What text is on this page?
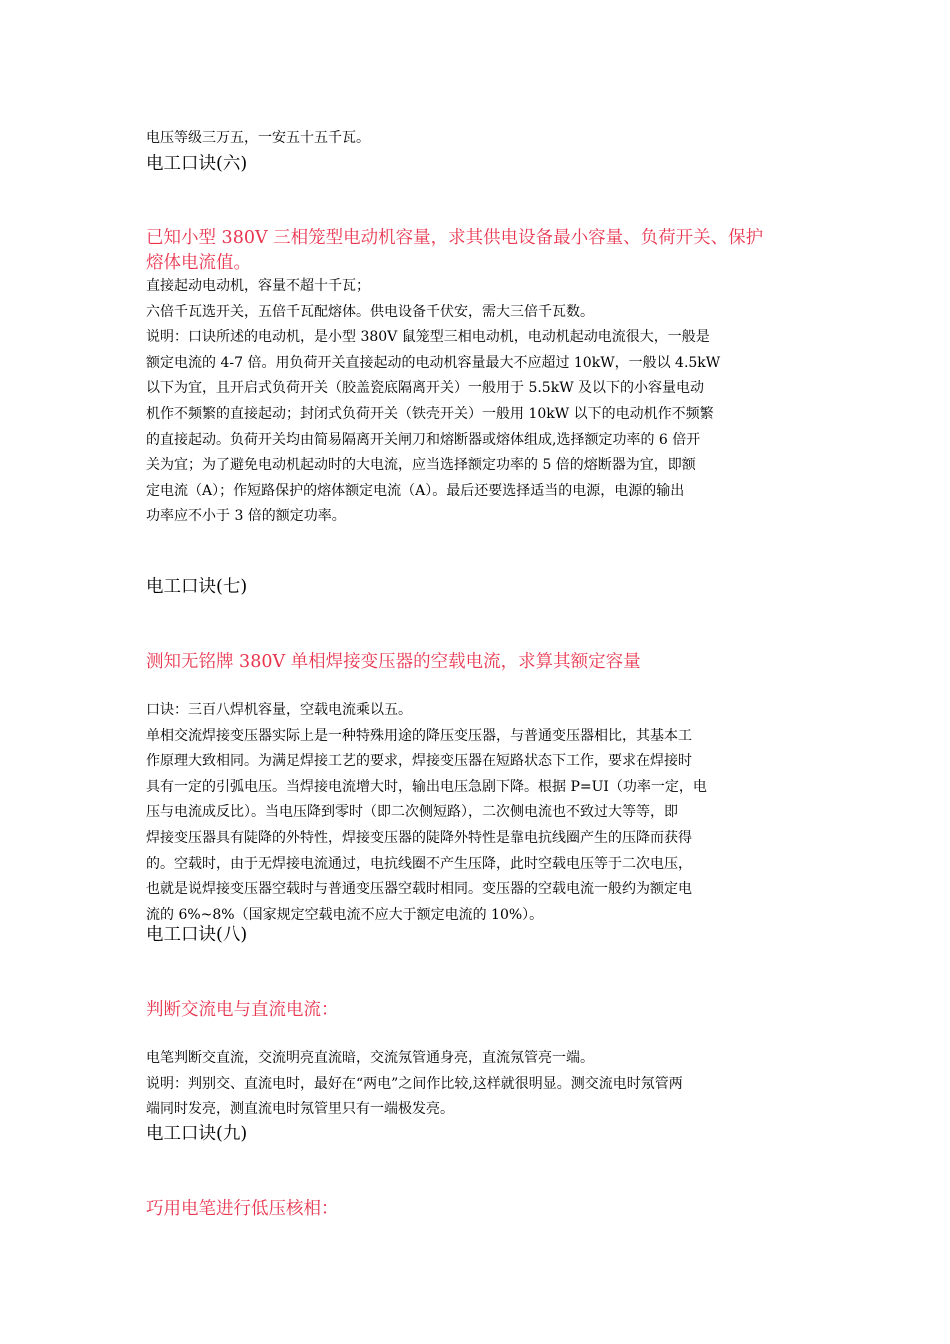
电压等级三万五，一安五十五千瓦。
电工口诀(六)
已知小型 380V 三相笼型电动机容量，求其供电设备最小容量、负荷开关、保护
熔体电流值。
直接起动电动机，容量不超十千瓦；
六倍千瓦选开关，五倍千瓦配熔体。供电设备千伏安，需大三倍千瓦数。
说明：口诀所述的电动机，是小型 380V 鼠笼型三相电动机，电动机起动电流很大，一般是
额定电流的 4-7 倍。用负荷开关直接起动的电动机容量最大不应超过 10kW，一般以 4.5kW
以下为宜，且开启式负荷开关（胶盖瓷底隔离开关）一般用于 5.5kW 及以下的小容量电动
机作不频繁的直接起动；封闭式负荷开关（铁壳开关）一般用 10kW 以下的电动机作不频繁
的直接起动。负荷开关均由简易隔离开关闸刀和熔断器或熔体组成,选择额定功率的 6 倍开
关为宜；为了避免电动机起动时的大电流，应当选择额定功率的 5 倍的熔断器为宜，即额
定电流（A）；作短路保护的熔体额定电流（A）。最后还要选择适当的电源，电源的输出
功率应不小于 3 倍的额定功率。
电工口诀(七)
测知无铭牌 380V 单相焊接变压器的空载电流，求算其额定容量
口诀：三百八焊机容量，空载电流乘以五。
单相交流焊接变压器实际上是一种特殊用途的降压变压器，与普通变压器相比，其基本工
作原理大致相同。为满足焊接工艺的要求，焊接变压器在短路状态下工作，要求在焊接时
具有一定的引弧电压。当焊接电流增大时，输出电压急剧下降。根据 P=UI（功率一定，电
压与电流成反比）。当电压降到零时（即二次侧短路），二次侧电流也不致过大等等，即
焊接变压器具有陡降的外特性，焊接变压器的陡降外特性是靠电抗线圈产生的压降而获得
的。空载时，由于无焊接电流通过，电抗线圈不产生压降，此时空载电压等于二次电压，
也就是说焊接变压器空载时与普通变压器空载时相同。变压器的空载电流一般约为额定电
流的 6%~8%（国家规定空载电流不应大于额定电流的 10%）。
电工口诀(八)
判断交流电与直流电流：
电笔判断交直流，交流明亮直流暗，交流氖管通身亮，直流氖管亮一端。
说明：判别交、直流电时，最好在“两电”之间作比较,这样就很明显。测交流电时氖管两
端同时发亮，测直流电时氖管里只有一端极发亮。
电工口诀(九)
巧用电笔进行低压核相：
